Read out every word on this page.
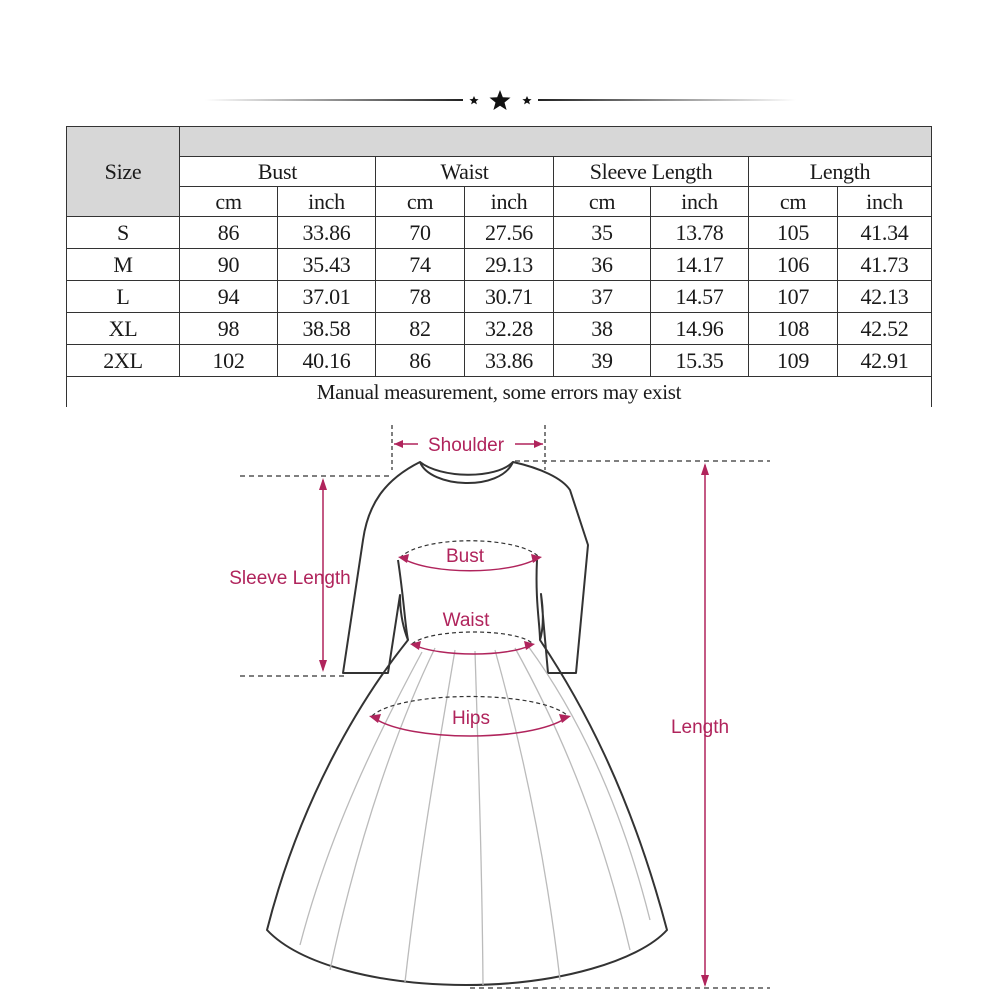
Size								
	Bust		Waist		Sleeve Length		Length	
	cm	inch	cm	inch	cm	inch	cm	inch
S	86	33.86	70	27.56	35	13.78	105	41.34
M	90	35.43	74	29.13	36	14.17	106	41.73
L	94	37.01	78	30.71	37	14.57	107	42.13
XL	98	38.58	82	32.28	38	14.96	108	42.52
2XL	102	40.16	86	33.86	39	15.35	109	42.91
Manual measurement, some errors may exist								
Shoulder
Bust
Waist
Hips
Sleeve Length
Length
